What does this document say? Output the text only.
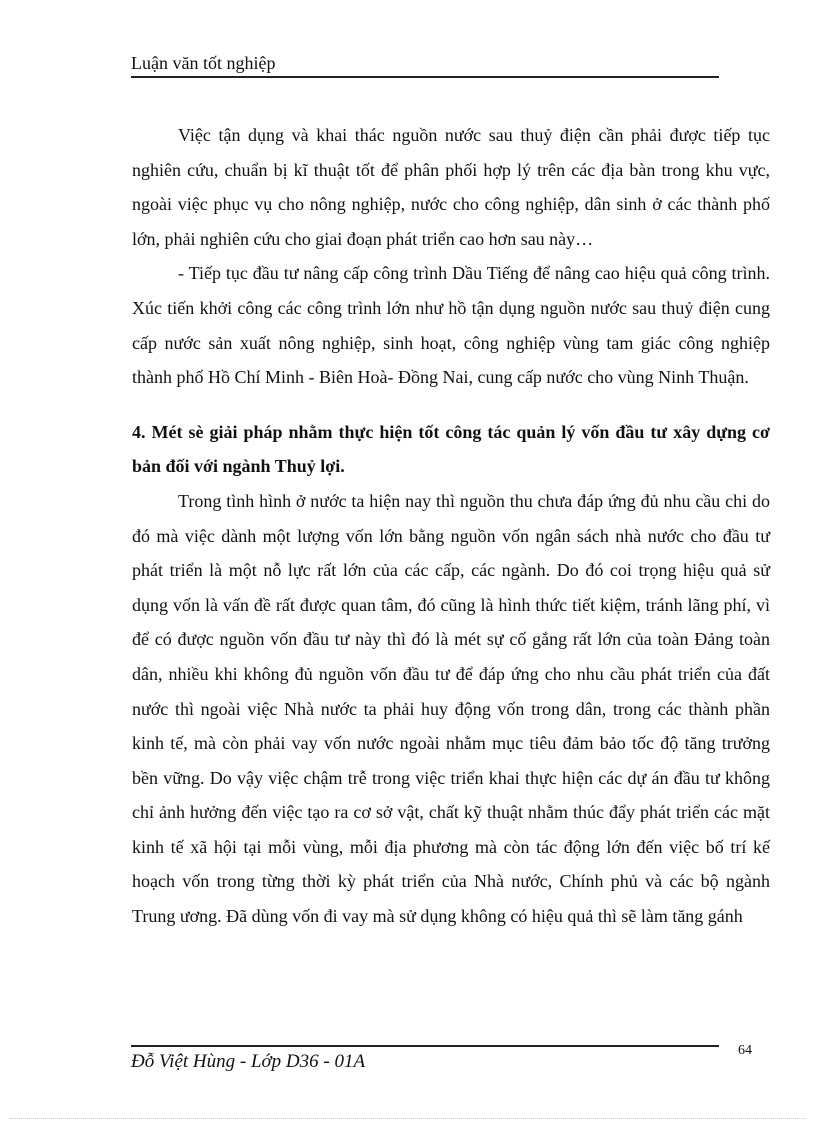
Luận văn tốt nghiệp

Việc tận dụng và khai thác nguồn nước sau thuỷ điện cần phải được tiếp tục nghiên cứu, chuẩn bị kĩ thuật tốt để phân phối hợp lý trên các địa bàn trong khu vực, ngoài việc phục vụ cho nông nghiệp, nước cho công nghiệp, dân sinh ở các thành phố lớn, phải nghiên cứu cho giai đoạn phát triển cao hơn sau này…

- Tiếp tục đầu tư nâng cấp công trình Dầu Tiếng để nâng cao hiệu quả công trình. Xúc tiến khởi công các công trình lớn như hồ tận dụng nguồn nước sau thuỷ điện cung cấp nước sản xuất nông nghiệp, sinh hoạt, công nghiệp vùng tam giác công nghiệp thành phố Hồ Chí Minh - Biên Hoà- Đồng Nai, cung cấp nước cho vùng Ninh Thuận.

4. Mét sè giải pháp nhằm thực hiện tốt công tác quản lý vốn đầu tư xây dựng cơ bản đối với ngành Thuỷ lợi.

Trong tình hình ở nước ta hiện nay thì nguồn thu chưa đáp ứng đủ nhu cầu chi do đó mà việc dành một lượng vốn lớn bằng nguồn vốn ngân sách nhà nước cho đầu tư phát triển là một nỗ lực rất lớn của các cấp, các ngành. Do đó coi trọng hiệu quả sử dụng vốn là vấn đề rất được quan tâm, đó cũng là hình thức tiết kiệm, tránh lãng phí, vì để có được nguồn vốn đầu tư này thì đó là mét sự cố gắng rất lớn của toàn Đảng toàn dân, nhiều khi không đủ nguồn vốn đầu tư để đáp ứng cho nhu cầu phát triển của đất nước thì ngoài việc Nhà nước ta phải huy động vốn trong dân, trong các thành phần kinh tế, mà còn phải vay vốn nước ngoài nhằm mục tiêu đảm bảo tốc độ tăng trưởng bền vững. Do vậy việc chậm trễ trong việc triển khai thực hiện các dự án đầu tư không chỉ ảnh hưởng đến việc tạo ra cơ sở vật, chất kỹ thuật nhằm thúc đẩy phát triển các mặt kinh tế xã hội tại mỗi vùng, mỗi địa phương mà còn tác động lớn đến việc bố trí kế hoạch vốn trong từng thời kỳ phát triển của Nhà nước, Chính phủ và các bộ ngành Trung ương. Đã dùng vốn đi vay mà sử dụng không có hiệu quả thì sẽ làm tăng gánh

Đỗ Việt Hùng - Lớp D36 - 01A
64
